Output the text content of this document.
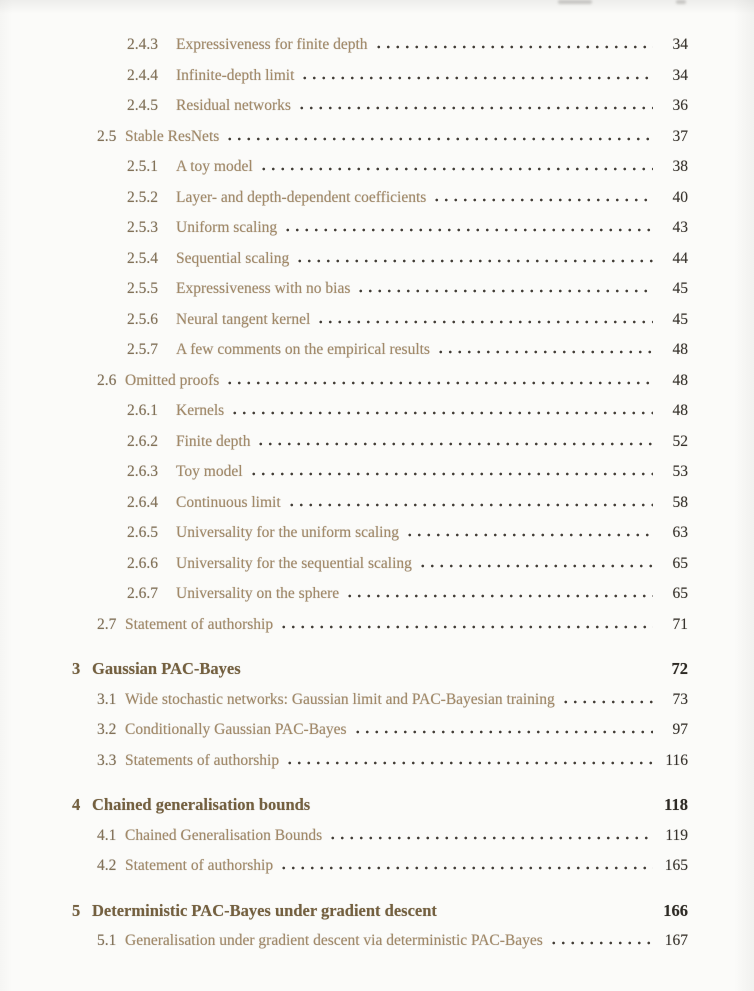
2.4.3	Expressiveness for finite depth	34
2.4.4	Infinite-depth limit	34
2.4.5	Residual networks	36
2.5 Stable ResNets	37
2.5.1	A toy model	38
2.5.2	Layer- and depth-dependent coefficients	40
2.5.3	Uniform scaling	43
2.5.4	Sequential scaling	44
2.5.5	Expressiveness with no bias	45
2.5.6	Neural tangent kernel	45
2.5.7	A few comments on the empirical results	48
2.6 Omitted proofs	48
2.6.1	Kernels	48
2.6.2	Finite depth	52
2.6.3	Toy model	53
2.6.4	Continuous limit	58
2.6.5	Universality for the uniform scaling	63
2.6.6	Universality for the sequential scaling	65
2.6.7	Universality on the sphere	65
2.7 Statement of authorship	71
3 Gaussian PAC-Bayes	72
3.1 Wide stochastic networks: Gaussian limit and PAC-Bayesian training	73
3.2 Conditionally Gaussian PAC-Bayes	97
3.3 Statements of authorship	116
4 Chained generalisation bounds	118
4.1 Chained Generalisation Bounds	119
4.2 Statement of authorship	165
5 Deterministic PAC-Bayes under gradient descent	166
5.1 Generalisation under gradient descent via deterministic PAC-Bayes	167
